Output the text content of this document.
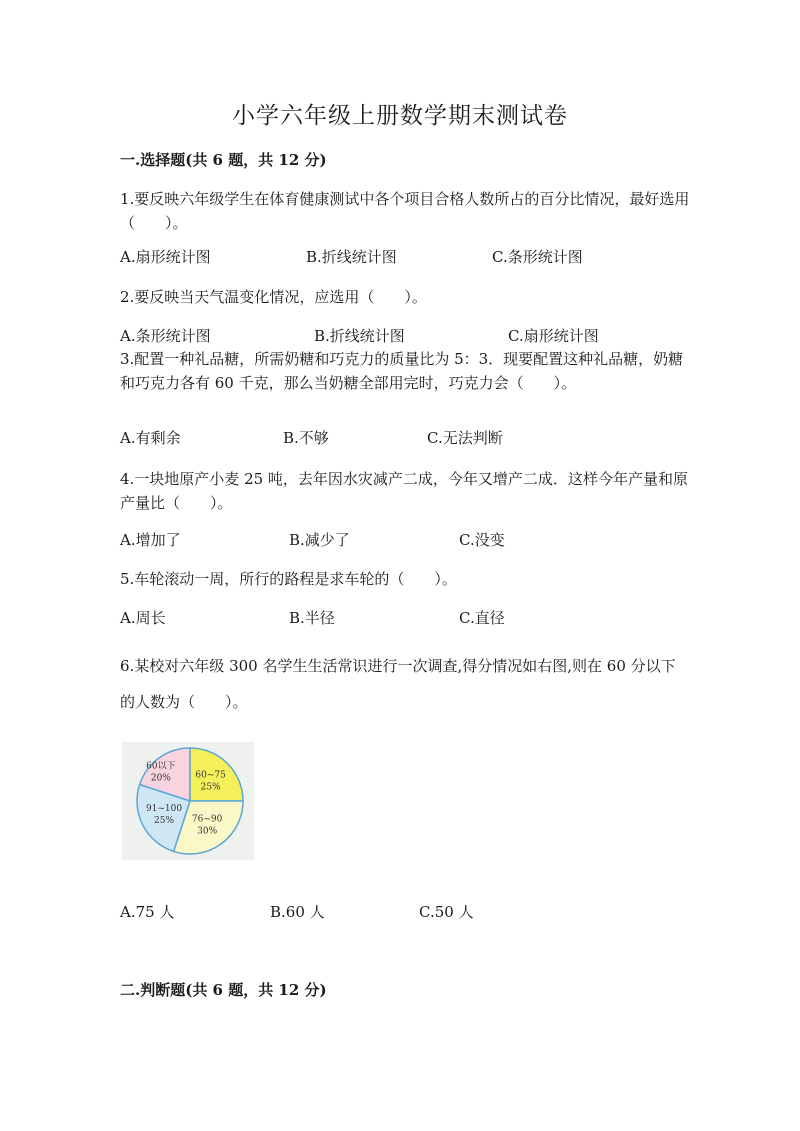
小学六年级上册数学期末测试卷
一.选择题(共 6 题，共 12 分)
1.要反映六年级学生在体育健康测试中各个项目合格人数所占的百分比情况，最好选用（　　）。
A.扇形统计图	B.折线统计图	C.条形统计图
2.要反映当天气温变化情况，应选用（　　）。
A.条形统计图	B.折线统计图	C.扇形统计图
3.配置一种礼品糖，所需奶糖和巧克力的质量比为 5：3．现要配置这种礼品糖，奶糖和巧克力各有 60 千克，那么当奶糖全部用完时，巧克力会（　　）。
A.有剩余	B.不够	C.无法判断
4.一块地原产小麦 25 吨，去年因水灾减产二成，今年又增产二成．这样今年产量和原产量比（　　）。
A.增加了	B.减少了	C.没变
5.车轮滚动一周，所行的路程是求车轮的（　　）。
A.周长	B.半径	C.直径
6.某校对六年级 300 名学生生活常识进行一次调查,得分情况如右图,则在 60 分以下的人数为（　　）。
60以下
20%	60~75
25%
76~90
30%
91~100
25%
A.75 人	B.60 人	C.50 人
二.判断题(共 6 题，共 12 分)
